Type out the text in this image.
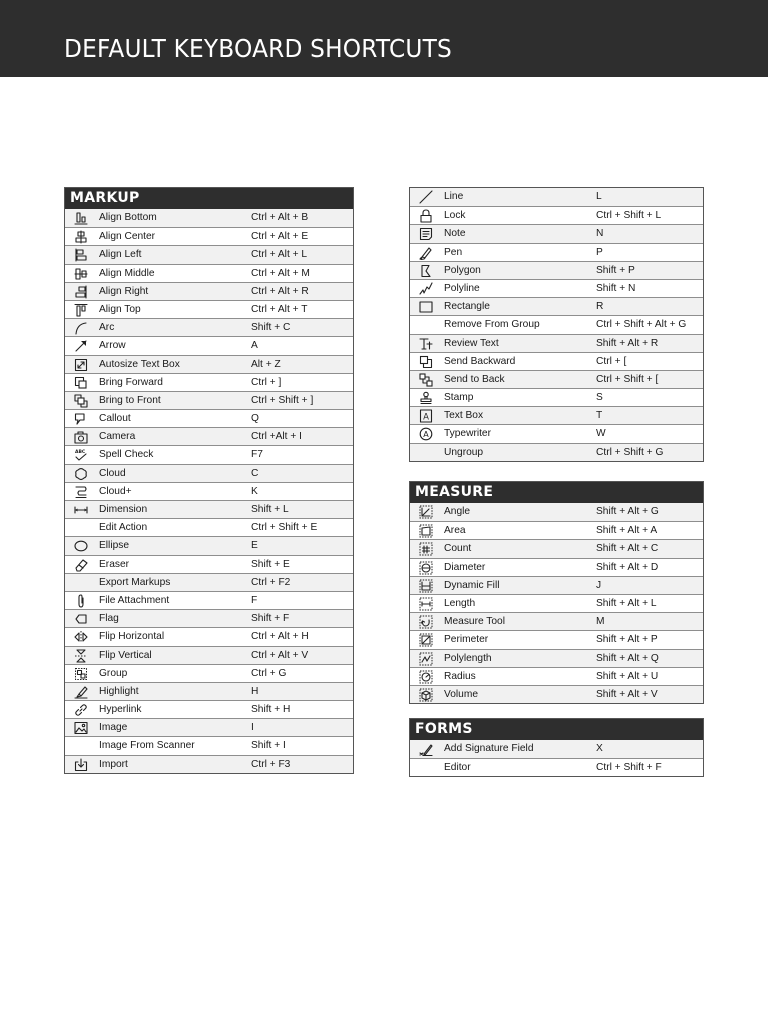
DEFAULT KEYBOARD SHORTCUTS
MARKUP
Align Bottom	Ctrl + Alt + B
Align Center	Ctrl + Alt + E
Align Left	Ctrl + Alt + L
Align Middle	Ctrl + Alt + M
Align Right	Ctrl + Alt + R
Align Top	Ctrl + Alt + T
Arc	Shift + C
Arrow	A
Autosize Text Box	Alt + Z
Bring Forward	Ctrl + ]
Bring to Front	Ctrl + Shift + ]
Callout	Q
Camera	Ctrl +Alt + I
ABC Spell Check	F7
Cloud	C
Cloud+	K
Dimension	Shift + L
Edit Action	Ctrl + Shift + E
Ellipse	E
Eraser	Shift + E
Export Markups	Ctrl + F2
File Attachment	F
Flag	Shift + F
Flip Horizontal	Ctrl + Alt + H
Flip Vertical	Ctrl + Alt + V
Group	Ctrl + G
Highlight	H
Hyperlink	Shift + H
Image	I
Image From Scanner	Shift + I
Import	Ctrl + F3
Line	L
Lock	Ctrl + Shift + L
Note	N
Pen	P
Polygon	Shift + P
Polyline	Shift + N
Rectangle	R
Remove From Group	Ctrl + Shift + Alt + G
Review Text	Shift + Alt + R
Send Backward	Ctrl + [
Send to Back	Ctrl + Shift + [
Stamp	S
A Text Box	T
A Typewriter	W
Ungroup	Ctrl + Shift + G
MEASURE
Angle	Shift + Alt + G
Area	Shift + Alt + A
Count	Shift + Alt + C
Diameter	Shift + Alt + D
Dynamic Fill	J
Length	Shift + Alt + L
Measure Tool	M
Perimeter	Shift + Alt + P
Polylength	Shift + Alt + Q
Radius	Shift + Alt + U
Volume	Shift + Alt + V
FORMS
Add Signature Field	X
Editor	Ctrl + Shift + F
